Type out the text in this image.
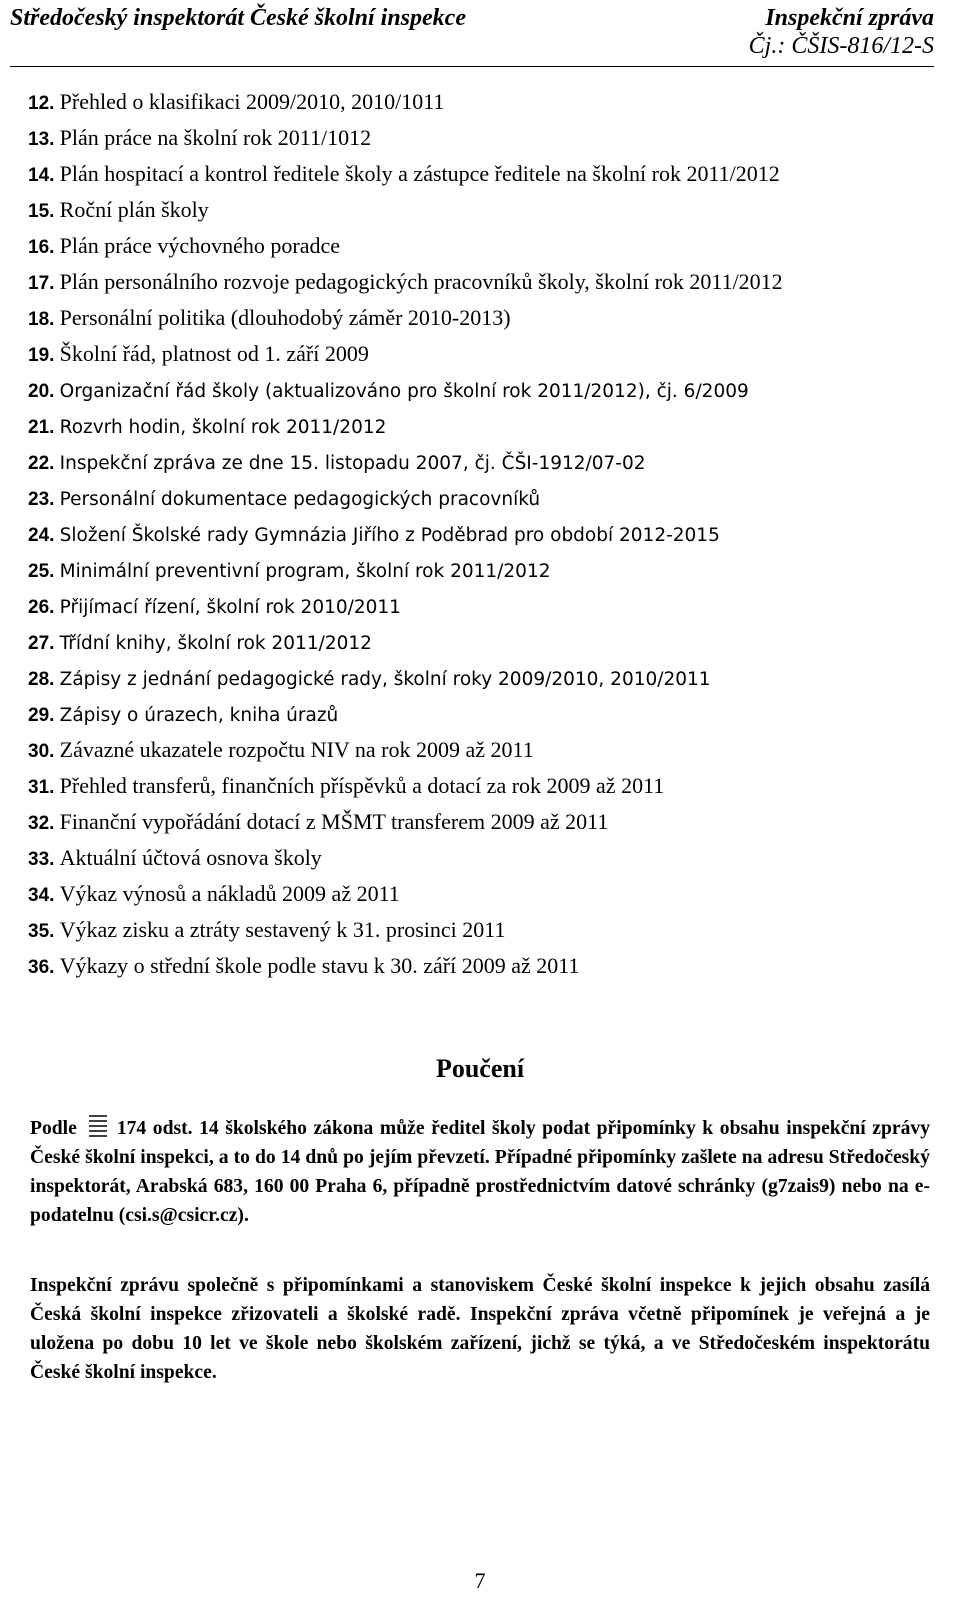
Středočeský inspektorát České školní inspekce	Inspekční zpráva
Čj.: ČŠIS-816/12-S
12. Přehled o klasifikaci 2009/2010, 2010/1011
13. Plán práce na školní rok 2011/1012
14. Plán hospitací a kontrol ředitele školy a zástupce ředitele na školní rok 2011/2012
15. Roční plán školy
16. Plán práce výchovného poradce
17. Plán personálního rozvoje pedagogických pracovníků školy, školní rok 2011/2012
18. Personální politika (dlouhodobý záměr 2010-2013)
19. Školní řád, platnost od 1. září 2009
20. Organizační řád školy (aktualizováno pro školní rok 2011/2012), čj. 6/2009
21. Rozvrh hodin, školní rok 2011/2012
22. Inspekční zpráva ze dne 15. listopadu 2007, čj. ČŠI-1912/07-02
23. Personální dokumentace pedagogických pracovníků
24. Složení Školské rady Gymnázia Jiřího z Poděbrad pro období 2012-2015
25. Minimální preventivní program, školní rok 2011/2012
26. Přijímací řízení, školní rok 2010/2011
27. Třídní knihy, školní rok 2011/2012
28. Zápisy z jednání pedagogické rady, školní roky 2009/2010, 2010/2011
29. Zápisy o úrazech, kniha úrazů
30. Závazné ukazatele rozpočtu NIV na rok 2009 až 2011
31. Přehled transferů, finančních příspěvků a dotací za rok 2009 až 2011
32. Finanční vypořádání dotací z MŠMT transferem 2009 až 2011
33. Aktuální účtová osnova školy
34. Výkaz výnosů a nákladů 2009 až 2011
35. Výkaz zisku a ztráty sestavený k 31. prosinci 2011
36. Výkazy o střední škole podle stavu k 30. září 2009 až 2011
Poučení

Podle 174 odst. 14 školského zákona může ředitel školy podat připomínky k obsahu inspekční zprávy České školní inspekci, a to do 14 dnů po jejím převzetí. Případné připomínky zašlete na adresu Středočeský inspektorát, Arabská 683, 160 00 Praha 6, případně prostřednictvím datové schránky (g7zais9) nebo na e-podatelnu (csi.s@csicr.cz).

Inspekční zprávu společně s připomínkami a stanoviskem České školní inspekce k jejich obsahu zasílá Česká školní inspekce zřizovateli a školské radě. Inspekční zpráva včetně připomínek je veřejná a je uložena po dobu 10 let ve škole nebo školském zařízení, jichž se týká, a ve Středočeském inspektorátu České školní inspekce.

7
